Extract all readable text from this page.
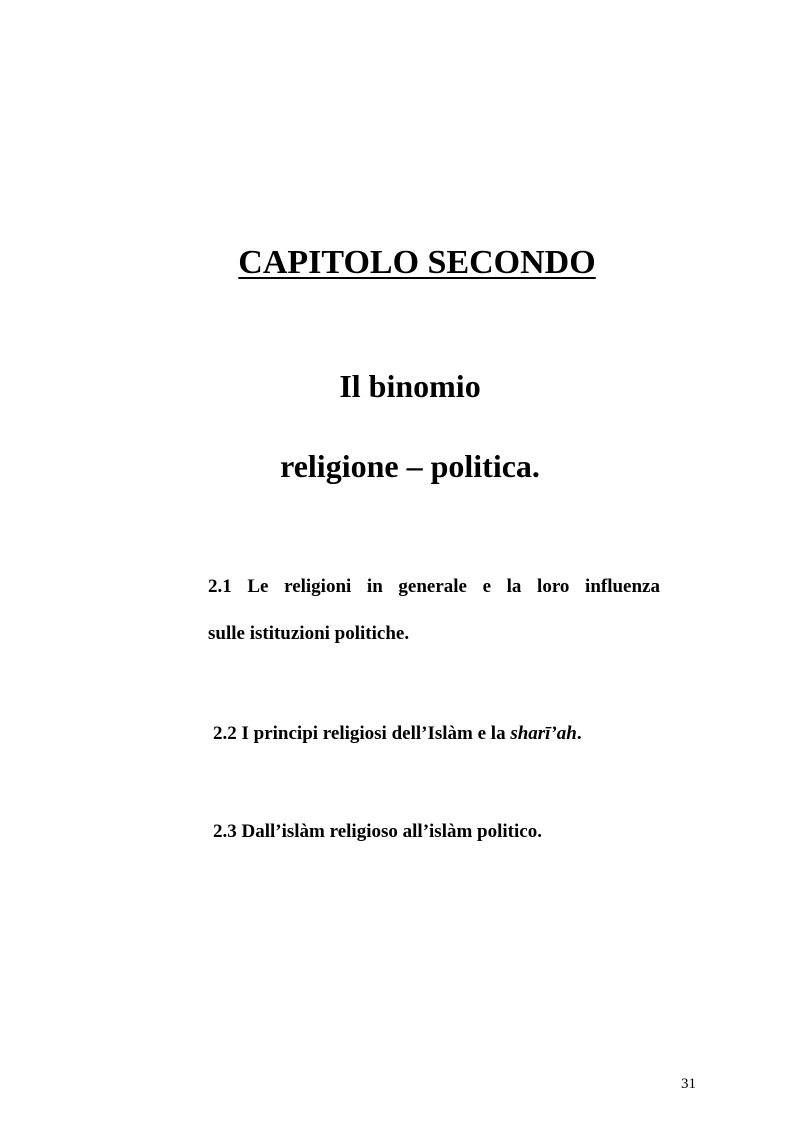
CAPITOLO SECONDO
Il binomio
religione – politica.
2.1 Le religioni in generale e la loro influenza
sulle istituzioni politiche.
2.2 I principi religiosi dell’Islàm e la sharī’ah.
2.3 Dall’islàm religioso all’islàm politico.
31
